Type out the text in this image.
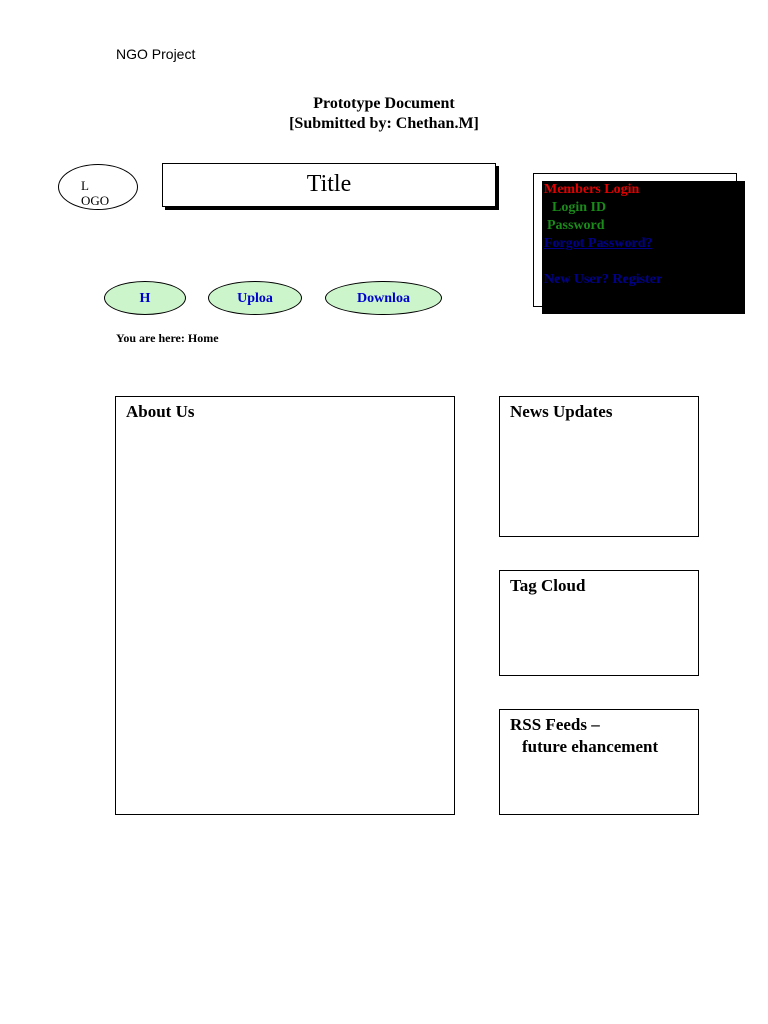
NGO Project
Prototype Document
[Submitted by: Chethan.M]
L
OGO
Title	Members Login
Login ID
Password
Forgot Password?
New User? Register
H	Uploa	Downloa
You are here: Home
About Us	News Updates
Tag Cloud
RSS Feeds –
future ehancement
